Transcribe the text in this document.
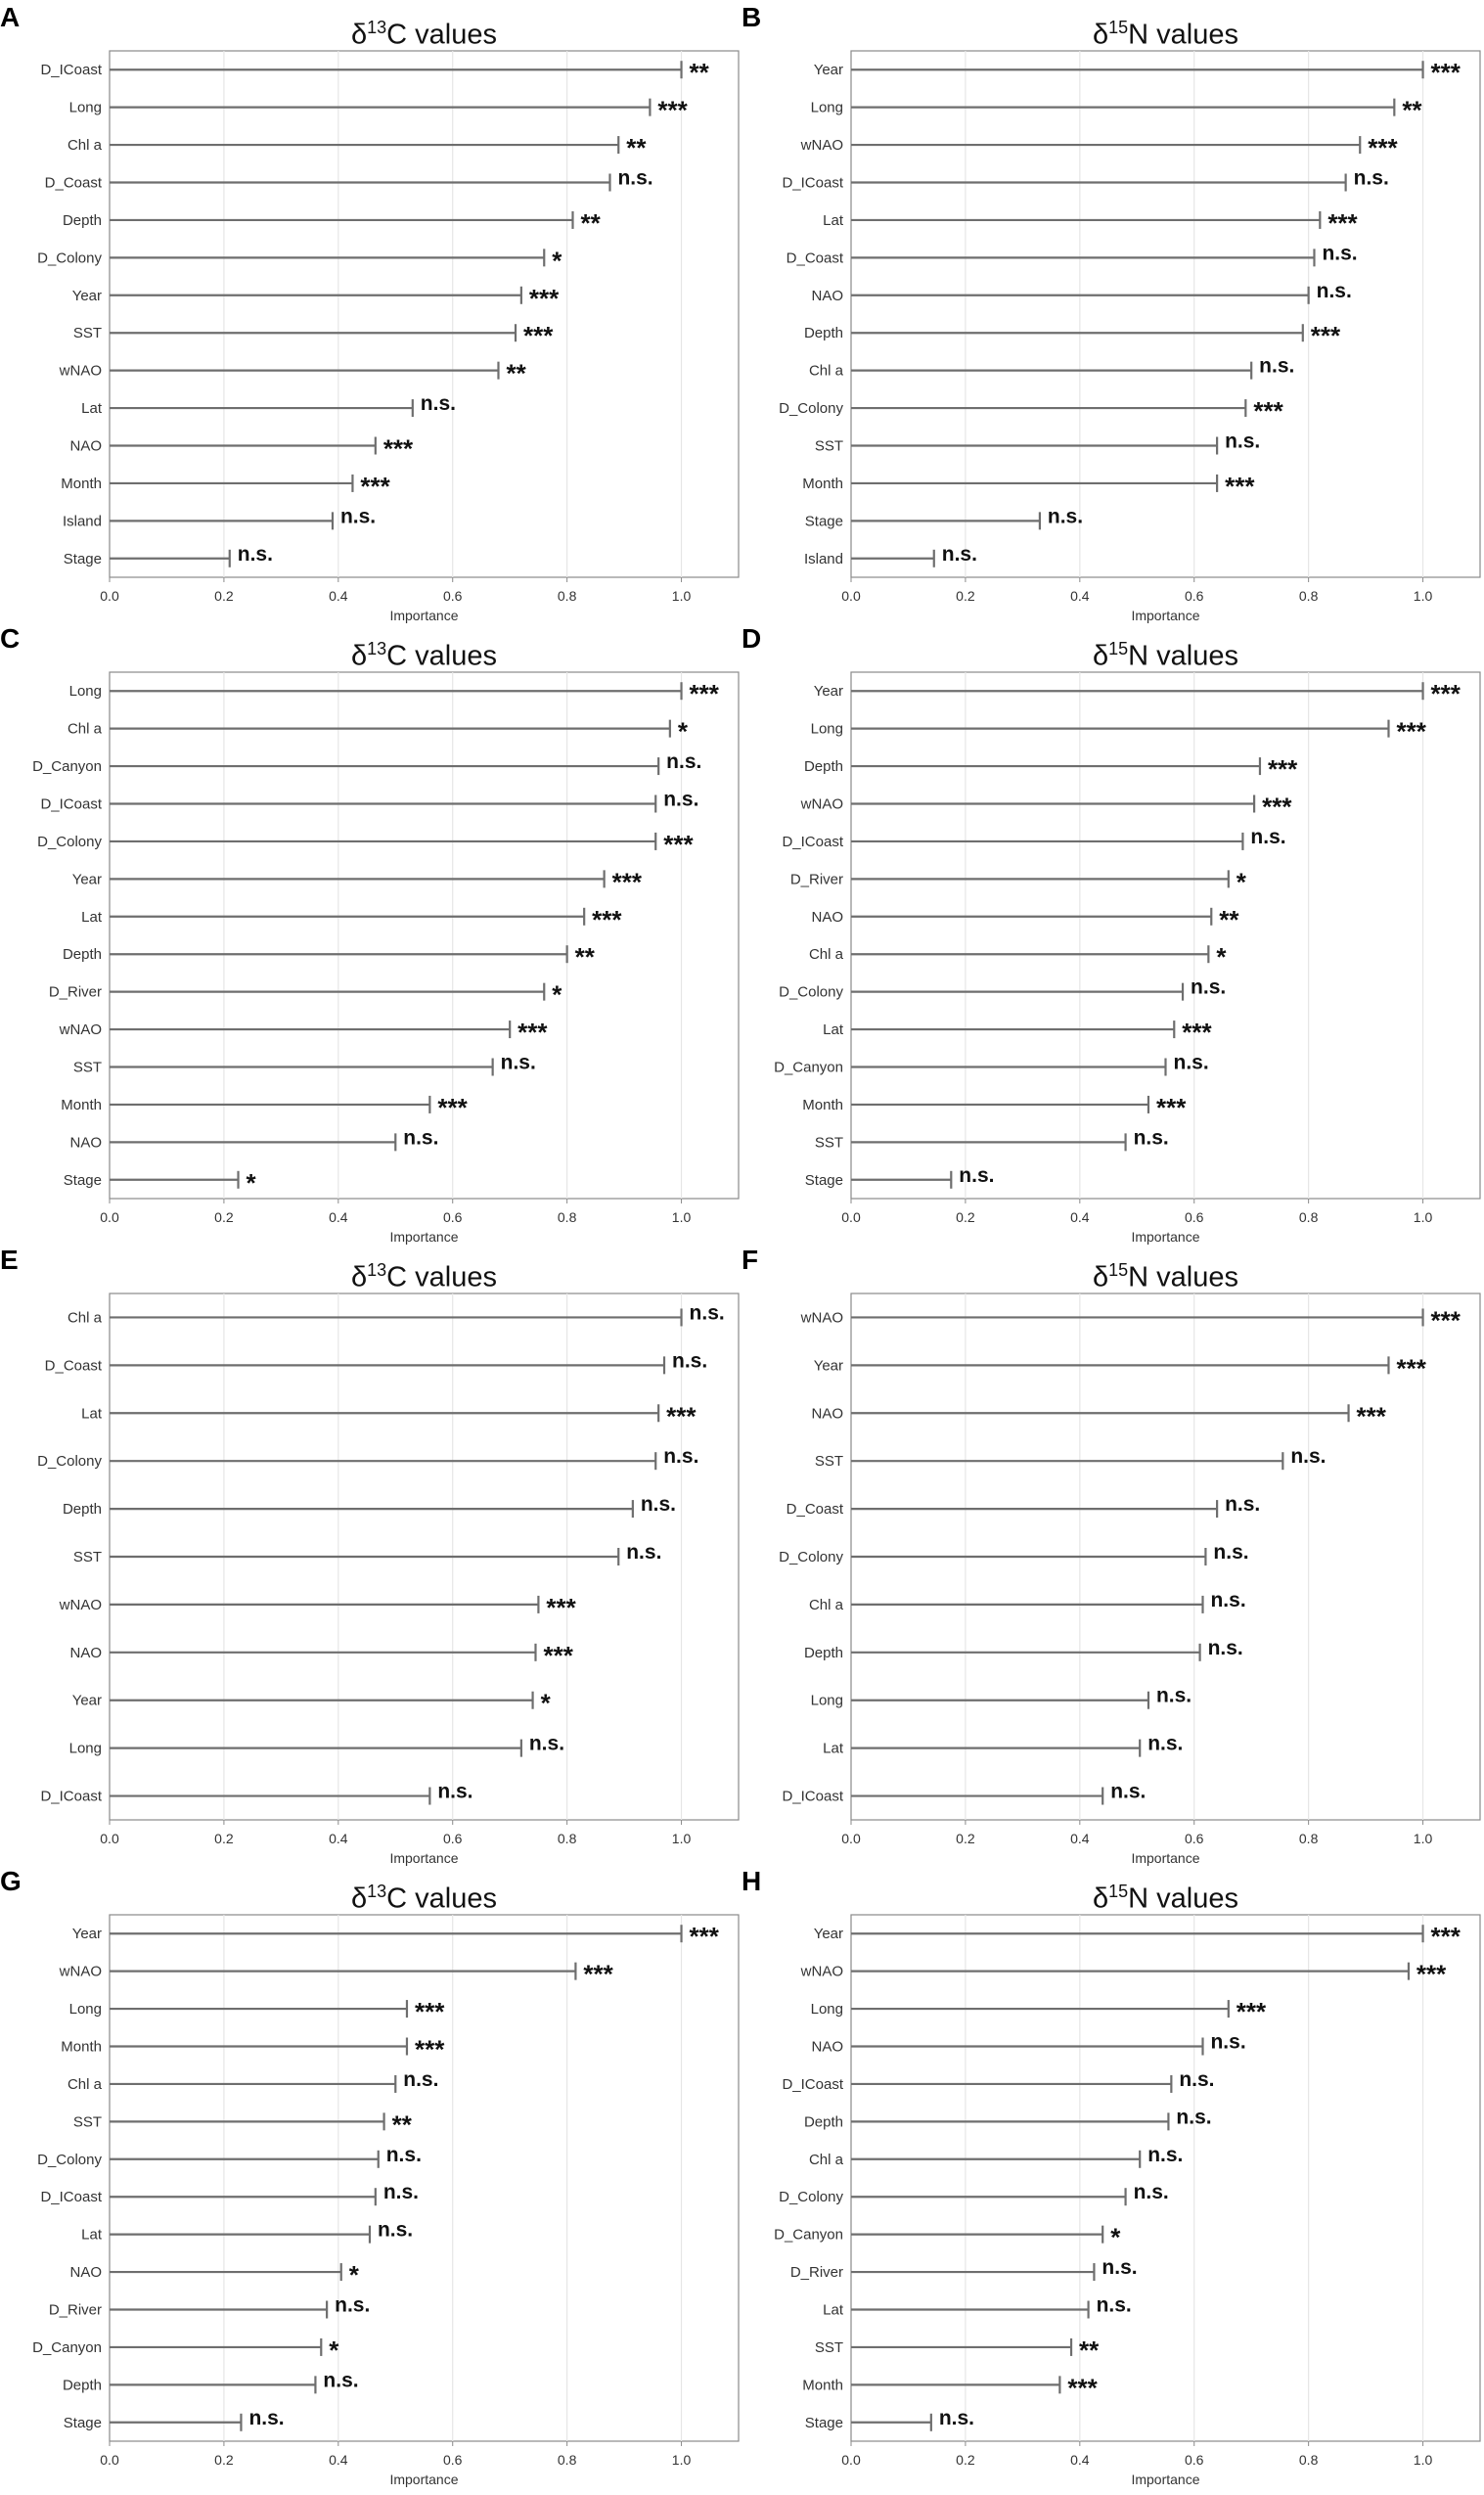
A
$\delta^{13}C$ values
0.0	0.2	0.4	0.6	0.8	1.0
Importance
D_ICoast	**
Long	***
Chl a	**
D_Coast	n.s.
Depth	**
D_Colony	*
Year	***
SST	***
wNAO	**
Lat	n.s.
NAO	***
Month	***
Island	n.s.
Stage	n.s.
B
$\delta^{15}N$ values
0.0	0.2	0.4	0.6	0.8	1.0
Importance
Year	***
Long	**
wNAO	***
D_ICoast	n.s.
Lat	***
D_Coast	n.s.
NAO	n.s.
Depth	***
Chl a	n.s.
D_Colony	***
SST	n.s.
Month	***
Stage	n.s.
Island	n.s.
C
$\delta^{13}C$ values
0.0	0.2	0.4	0.6	0.8	1.0
Importance
Long	***
Chl a	*
D_Canyon	n.s.
D_ICoast	n.s.
D_Colony	***
Year	***
Lat	***
Depth	**
D_River	*
wNAO	***
SST	n.s.
Month	***
NAO	n.s.
Stage	*
D
$\delta^{15}N$ values
0.0	0.2	0.4	0.6	0.8	1.0
Importance
Year	***
Long	***
Depth	***
wNAO	***
D_ICoast	n.s.
D_River	*
NAO	**
Chl a	*
D_Colony	n.s.
Lat	***
D_Canyon	n.s.
Month	***
SST	n.s.
Stage	n.s.
E
$\delta^{13}C$ values
0.0	0.2	0.4	0.6	0.8	1.0
Importance
Chl a	n.s.
D_Coast	n.s.
Lat	***
D_Colony	n.s.
Depth	n.s.
SST	n.s.
wNAO	***
NAO	***
Year	*
Long	n.s.
D_ICoast	n.s.
F
$\delta^{15}N$ values
0.0	0.2	0.4	0.6	0.8	1.0
Importance
wNAO	***
Year	***
NAO	***
SST	n.s.
D_Coast	n.s.
D_Colony	n.s.
Chl a	n.s.
Depth	n.s.
Long	n.s.
Lat	n.s.
D_ICoast	n.s.
G
$\delta^{13}C$ values
0.0	0.2	0.4	0.6	0.8	1.0
Importance
Year	***
wNAO	***
Long	***
Month	***
Chl a	n.s.
SST	**
D_Colony	n.s.
D_ICoast	n.s.
Lat	n.s.
NAO	*
D_River	n.s.
D_Canyon	*
Depth	n.s.
Stage	n.s.
H
$\delta^{15}N$ values
0.0	0.2	0.4	0.6	0.8	1.0
Importance
Year	***
wNAO	***
Long	***
NAO	n.s.
D_ICoast	n.s.
Depth	n.s.
Chl a	n.s.
D_Colony	n.s.
D_Canyon	*
D_River	n.s.
Lat	n.s.
SST	**
Month	***
Stage	n.s.
